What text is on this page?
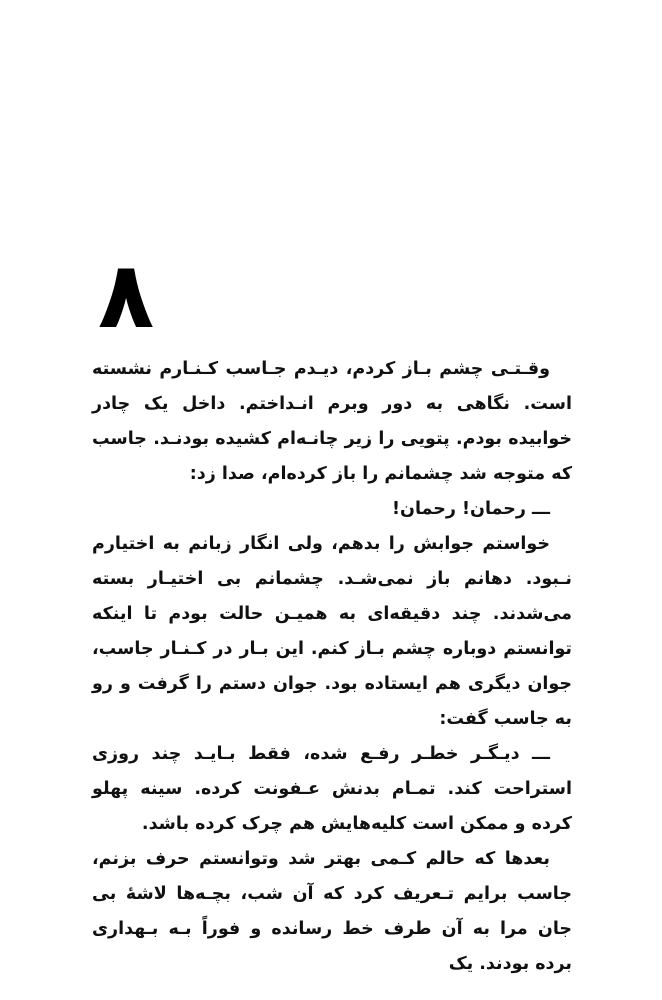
۸

وقـتـی چشم بـاز کردم، دیـدم جـاسب کـنـارم نشسته است. نگاهی به دور وبرم انـداختم. داخل یک چادر خوابیده بودم. پتویی را زیر چانـه‌ام کشیده بودنـد. جاسب که متوجه شد چشمانم را باز کرده‌ام، صدا زد:

ـــ رحمان! رحمان!

خواستم جوابش را بدهم، ولی انگار زبانم به اختیارم نـبود. دهانم باز نمی‌شـد. چشمانم بی اختیـار بسته می‌شدند. چند دقیقه‌ای به همیـن حالت بودم تا اینکه توانستم دوباره چشم بـاز کنم. این بـار در کـنـار جاسب، جوان دیگری هم ایستاده بود. جوان دستم را گرفت و رو به جاسب گفت:

ـــ دیـگـر خطـر رفـع شده، فقط بـایـد چند روزی استراحت کند. تمـام بدنش عـفونت کرده. سینه پهلو کرده و ممکن است کلیه‌هایش هم چرک کرده باشد.

بعدها که حالم کـمی بهتر شد وتوانستم حرف بزنم، جاسب برایم تـعریف کرد که آن شب، بچـه‌ها لاشهٔ بی جان مرا به آن طرف خط رسانده و فوراً بـه بـهداری برده بودند. یک
